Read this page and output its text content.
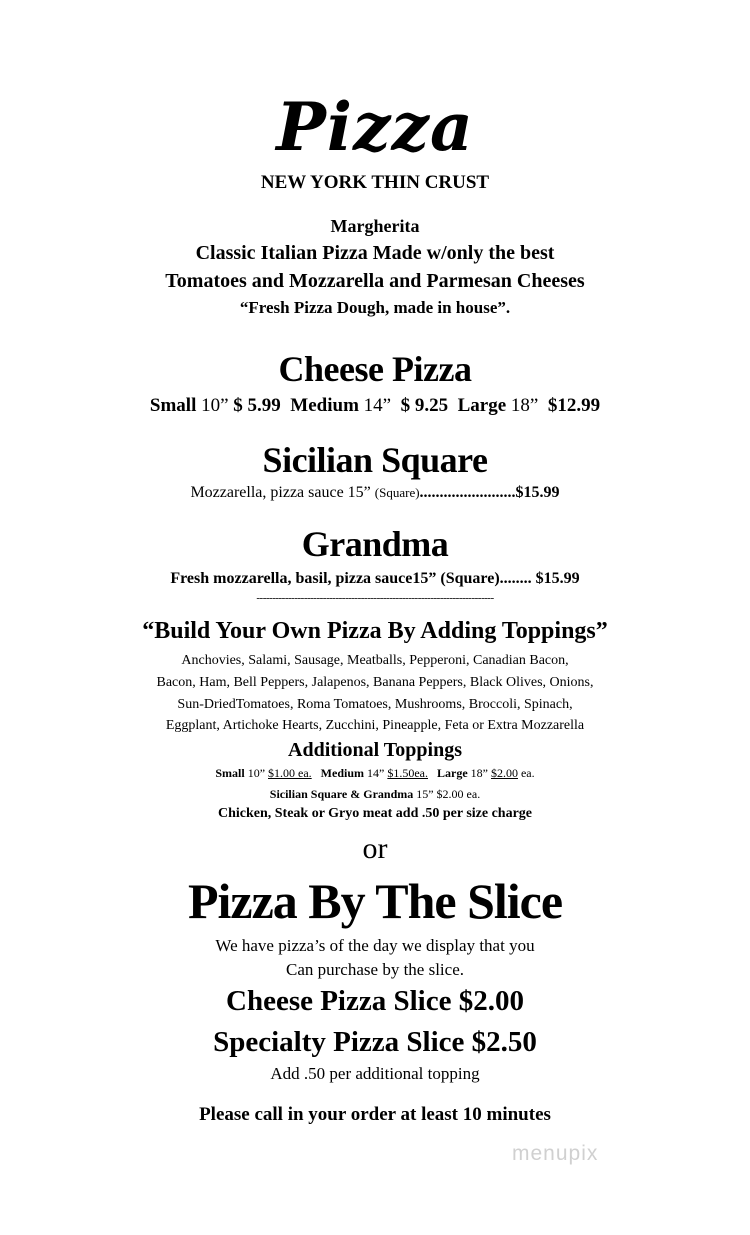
Pizza
NEW YORK THIN CRUST
Margherita
Classic Italian Pizza Made w/only the best
Tomatoes and Mozzarella and Parmesan Cheeses
“Fresh Pizza Dough, made in house”.
Cheese Pizza
Small 10” $ 5.99 Medium 14” $ 9.25 Large 18” $12.99
Sicilian Square
Mozzarella, pizza sauce 15” (Square)........................$15.99
Grandma
Fresh mozzarella, basil, pizza sauce15” (Square)........ $15.99
---------------------------------------------------------------------------
“Build Your Own Pizza By Adding Toppings”
Anchovies, Salami, Sausage, Meatballs, Pepperoni, Canadian Bacon,
Bacon, Ham, Bell Peppers, Jalapenos, Banana Peppers, Black Olives, Onions,
Sun-DriedTomatoes, Roma Tomatoes, Mushrooms, Broccoli, Spinach,
Eggplant, Artichoke Hearts, Zucchini, Pineapple, Feta or Extra Mozzarella
Additional Toppings
Small 10” $1.00 ea. Medium 14” $1.50ea. Large 18” $2.00 ea.
Sicilian Square & Grandma 15” $2.00 ea.
Chicken, Steak or Gryo meat add .50 per size charge
or
Pizza By The Slice
We have pizza’s of the day we display that you
Can purchase by the slice.
Cheese Pizza Slice $2.00
Specialty Pizza Slice $2.50
Add .50 per additional topping
Please call in your order at least 10 minutes
menupix
